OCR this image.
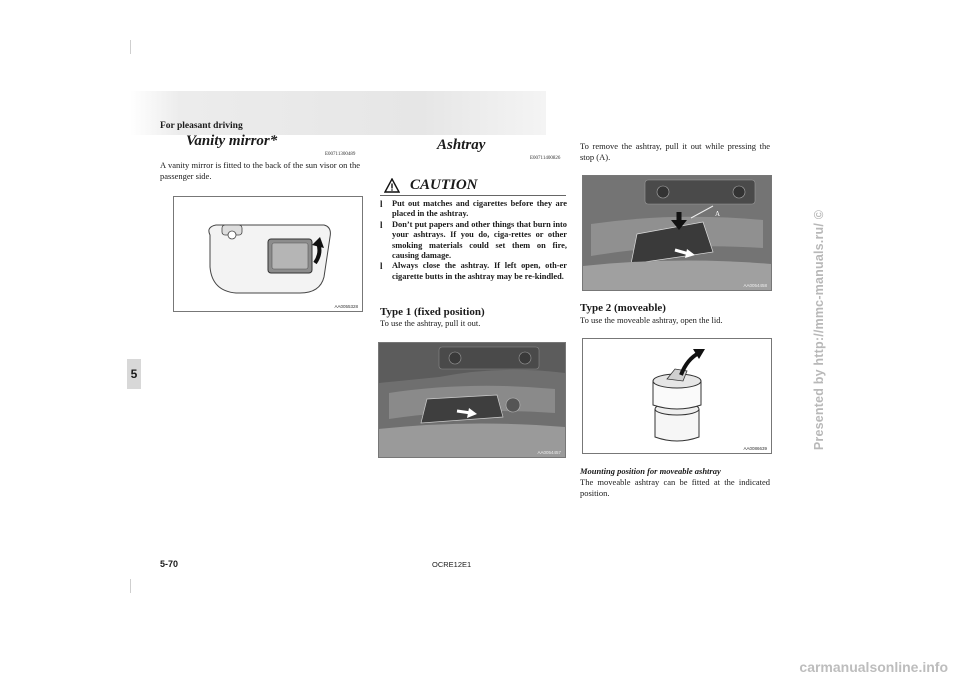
For pleasant driving
Vanity mirror*
E00711300489
A vanity mirror is fitted to the back of the sun visor on the passenger side.
AA0055328
5
Ashtray
E00711400826
CAUTION
l Put out matches and cigarettes before they are placed in the ashtray.
l Don’t put papers and other things that burn into your ashtrays. If you do, ciga-rettes or other smoking materials could set them on fire, causing damage.
l Always close the ashtray. If left open, oth-er cigarette butts in the ashtray may be re-kindled.
Type 1 (fixed position)
To use the ashtray, pull it out.
AA0054457
To remove the ashtray, pull it out while pressing the stop (A).
A
AA0054458
Type 2 (moveable)
To use the moveable ashtray, open the lid.
AA0086639
Mounting position for moveable ashtray
The moveable ashtray can be fitted at the indicated position.
5-70	OCRE12E1
Presented by http://mmc-manuals.ru/ ©
carmanualsonline.info
